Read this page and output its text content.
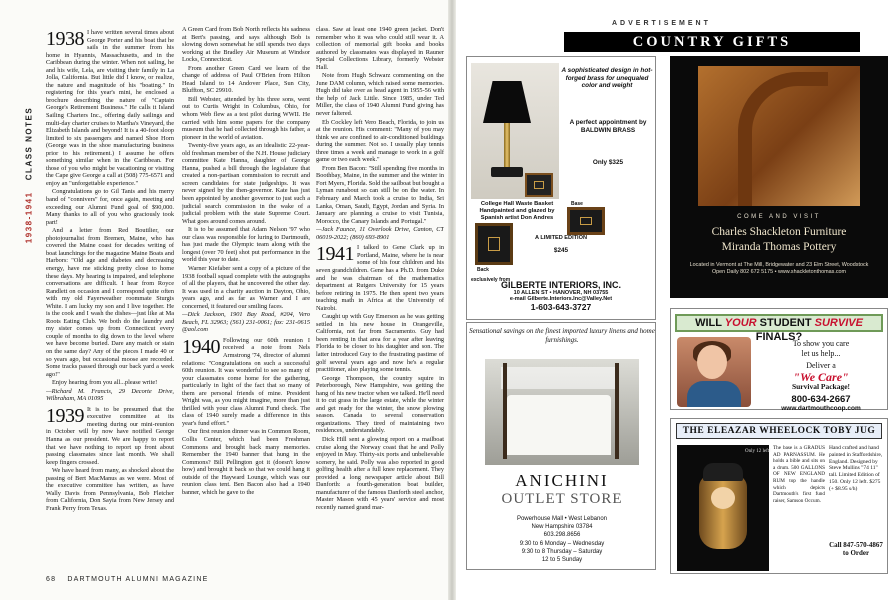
1938-1941   CLASS NOTES

1938 I have written several times about George Porter and his boat that he sails in the summer from his home in Hyannis, Massachusetts, and in the Caribbean during the winter. When not sailing, he and his wife, Lela, are visiting their family in La Jolla, California. But little did I know, or realize, the nature and magnitude of his "boating." In registering for this year's mini, he enclosed a brochure describing the nature of "Captain George's Retirement Business." He calls it Island Sailing Charters Inc., offering daily sailings and multi-day charter cruises to Martha's Vineyard, the Elizabeth Islands and beyond! It is a 40-foot sloop limited to six passengers and named Shoe Horn (George was in the shoe manufacturing business prior to his retirement.) I assume he offers something similar when in the Caribbean. For those of you who might be vacationing or visiting the Cape give George a call at (508) 775-6571 and enjoy an "unforgettable experience."

Congratulations go to Gil Tanis and his merry band of "connivers" for, once again, meeting and exceeding our Alumni Fund goal of $90,000. Many thanks to all of you who graciously took part!

And a letter from Red Boutilier, our photojournalist from Bremen, Maine, who has covered the Maine coast for decades writing of boat launchings for the magazine Maine Boats and Harbors: "Old age and diabetes and decreasing energy, have me sticking pretty close to home these days. My hearing is impaired, and telephone conversations are difficult. I hear from Royce Randlett on occasion and I correspond quite often with my old Fayerweather roommate Sturgis White. I am lucky my son and I live together. He is the cook and I wash the dishes—just like at Ma Roots Eating Club. We both do the laundry and my sister comes up from Connecticut every couple of months to dig down to the level where we have become buried. Dare any match or stain on the same day? Any of the pieces I made 40 or so years ago, but occasional moose are recorded. Some tracks passed through our back yard a week ago!"

Enjoy hearing from you all...please write!

—Richard M. Francis, 29 Decorte Drive, Wilbraham, MA 01095

1939 It is to be presumed that the executive committee at its meeting during our mini-reunion in October will by now have notified George Hanna as our president. We are happy to report that we have nothing to report up front about passing classmates since last month. We shall keep fingers crossed.

We have heard from many, as shocked about the passing of Bert MacManus as we were. Most of the executive committee has written, as have Wally Davis from Pennsylvania, Bob Fletcher from California, Don Sayia from New Jersey and Frank Perry from Texas.

A Green Card from Bob North reflects his sadness at Bert's passing, and says although Bob is slowing down somewhat he still spends two days working at the Bradley Air Museum at Windsor Locks, Connecticut.

From another Green Card we learn of the change of address of Paul O'Brien from Hilton Head Island to 14 Andover Place, Sun City, Bluffton, SC 29910.

Bill Webster, attended by his three sons, went out to Curtis Wright in Columbus, Ohio, for whom Web flew as a test pilot during WWII. He carried with him some papers for the company museum that he had collected through his father, a pioneer in the world of aviation.

Twenty-five years ago, as an idealistic 22-year-old freshman member of the N.H. House judiciary committee Kate Hanna, daughter of George Hanna, pushed a bill through the legislature that created a non-partisan commission to recruit and screen candidates for state judgeships. It was never signed by the then-governor. Kate has just been appointed by another governor to just such a judicial search commission in the wake of a judicial problem with the state Supreme Court. What goes around comes around.

It is to be assumed that Adam Nelson '97 who our class was responsible for luring to Dartmouth, has just made the Olympic team along with the longest (over 70 feet) shot put performance in the world this year to date.

Warner Kiefaber sent a copy of a picture of the 1938 football squad complete with the autographs of all the players, that he uncovered the other day. It was used in a charity auction in Dayton, Ohio, years ago, and as far as Warner and I are concerned, it featured our smiling faces.

—Dick Jackson, 1901 Bay Road, #204, Vero Beach, FL 32963; (561) 231-0061; fax: 231-0615 @aol.com

1940 Following our 60th reunion I received a note from Nels Armstrong '74, director of alumni relations: "Congratulations on such a successful 60th reunion. It was wonderful to see so many of your classmates come home for the gathering, particularly in light of the fact that so many of them are personal friends of mine. President Wright was, as you might imagine, more than just thrilled with your class Alumni Fund check. The class of 1940 surely made a difference in this year's fund effort."

Our first reunion dinner was in Common Room, Collis Center, which had been Freshman Commons and brought back many memories. Remember the 1940 banner that hung in the Commons? Bill Pellington got it (doesn't know how) and brought it back so that we could hang it outside of the Hayward Lounge, which was our reunion class tent. Ben Bacon also had a 1940 banner, which he gave to the

class. Saw at least one 1940 green jacket. Don't remember who it was who could still wear it. A collection of memorial gift books and books authored by classmates was displayed in Rauner Special Collections Library, formerly Webster Hall.

Note from Hugh Schwarz commenting on the June DAM column, which raised some memories. Hugh did take over as head agent in 1955-56 with the help of Jack Little. Since 1985, under Ted Miller, the class of 1940 Alumni Fund giving has never faltered.

Eb Cockley left Vero Beach, Florida, to join us at the reunion. His comment: "Many of you may think we are confined to air-conditioned buildings during the summer. Not so. I usually play tennis three times a week and manage to work in a golf game or two each week."

From Ben Bacon: "Still spending five months in Boothbay, Maine, in the summer and the winter in Fort Myers, Florida. Sold the sailboat but bought a Lyman runabout so can still be on the water. In February and March took a cruise to India, Sri Lanka, Oman, Saudi, Egypt, Jordan and Syria. In January are planning a cruise to visit Tunisia, Morocco, the Canary Islands and Portugal."

—Jack Faunce, 11 Overlook Drive, Canton, CT 06019-2022; (860) 693-8901

1941 I talked to Gene Clark up in Portland, Maine, where he is near some of his four children and his seven grandchildren. Gene has a Ph.D. from Duke and he was chairman of the mathematics department at Rutgers University for 15 years before retiring in 1975. He then spent two years teaching math in Africa at the University of Nairobi.

Caught up with Guy Emerson as he was getting settled in his new house in Orangeville, California, not far from Sacramento. Guy had been renting in that area for a year after leaving Florida to be closer to his daughter and son. The latter introduced Guy to the frustrating pastime of golf several years ago and now he's a regular practitioner, also playing some tennis.

George Thompson, the country squire in Peterborough, New Hampshire, was getting the hang of his new tractor when we talked. He'll need it to cut grass in the large estate, while the winter and get ready for the winter, the snow plowing season. Canada to several conservation organizations. They tired of maintaining two residences, understandably.

Dick Hill sent a glowing report on a mailboat cruise along the Norway coast that he and Polly enjoyed in May. Thirty-six ports and unbelievable scenery, he said. Polly was also reported in good golfing health after a full knee replacement. They provided a long newspaper article about Bill Danforth: a fourth-generation boat builder, manufacturer of the famous Danforth steel anchor, Master Mason with 45 years' service and most recently named grand mar-

68 DARTMOUTH ALUMNI MAGAZINE
ADVERTISEMENT
COUNTRY GIFTS
A sophisticated design in hot-forged brass for unequaled color and weight
A perfect appointment by BALDWIN BRASS
Only $325
Base
College Hall Waste Basket Handpainted and glazed by Spanish artist Don Andres
Back
A LIMITED EDITION
$245
exclusively from
GILBERTE INTERIORS, INC.
10 ALLEN ST • HANOVER, NH 03755
e-mail Gilberte.Interiors.Inc@Valley.Net
1-603-643-3727
COME AND VISIT
Charles Shackleton Furniture
Miranda Thomas Pottery
Located in Vermont at The Mill, Bridgewater and 23 Elm Street, Woodstock
Open Daily 802 672 5175 • www.shackletonthomas.com
WILL YOUR STUDENT SURVIVE FINALS?
To show you care
let us help...
Deliver a
"We Care"
Survival Package!
800-634-2667
www.dartmouthcoop.com
Sensational savings on the finest imported luxury linens and home furnishings.
ANICHINI
OUTLET STORE
Powerhouse Mall • West Lebanon
New Hampshire 03784
603.298.8656
9:30 to 6 Monday – Wednesday
9:30 to 8 Thursday – Saturday
12 to 5 Sunday
THE ELEAZAR WHEELOCK TOBY JUG
Only 12 left!
The base is a GRADUS AD PARNASSUM. He holds a bible and sits on a drum. 500 GALLONS OF NEW ENGLAND RUM top the handle which depicts Dartmouth's first fund raiser, Samson Occum.
Hand crafted and hand painted in Staffordshire, England. Designed by Steve Mullins "74 11" tall. Limited Edition of 150. Only 12 left. $275 (+ $8.95 s/h)
Call 847-570-4867 to Order
